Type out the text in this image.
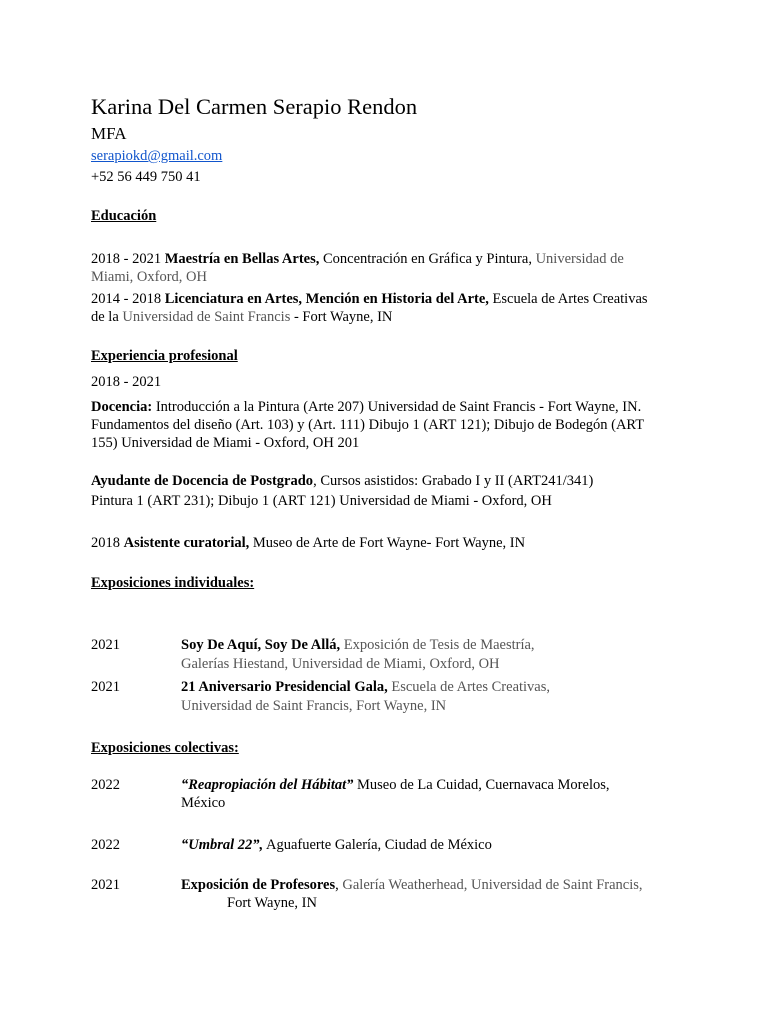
Karina Del Carmen Serapio Rendon
MFA
serapiokd@gmail.com
+52 56 449 750 41
Educación
2018 - 2021 Maestría en Bellas Artes, Concentración en Gráfica y Pintura, Universidad de
Miami, Oxford, OH
2014 - 2018 Licenciatura en Artes, Mención en Historia del Arte, Escuela de Artes Creativas
de la Universidad de Saint Francis - Fort Wayne, IN
Experiencia profesional
2018 - 2021
Docencia: Introducción a la Pintura (Arte 207) Universidad de Saint Francis - Fort Wayne, IN.
Fundamentos del diseño (Art. 103) y (Art. 111) Dibujo 1 (ART 121); Dibujo de Bodegón (ART
155) Universidad de Miami - Oxford, OH 201
Ayudante de Docencia de Postgrado, Cursos asistidos: Grabado I y II (ART241/341)
Pintura 1 (ART 231); Dibujo 1 (ART 121) Universidad de Miami - Oxford, OH
2018 Asistente curatorial, Museo de Arte de Fort Wayne- Fort Wayne, IN
Exposiciones individuales:
2021	Soy De Aquí, Soy De Allá, Exposición de Tesis de Maestría,
Galerías Hiestand, Universidad de Miami, Oxford, OH
2021	21 Aniversario Presidencial Gala, Escuela de Artes Creativas,
Universidad de Saint Francis, Fort Wayne, IN
Exposiciones colectivas:
2022	“Reapropiación del Hábitat” Museo de La Cuidad, Cuernavaca Morelos,
México
2022	“Umbral 22”, Aguafuerte Galería, Ciudad de México
2021	Exposición de Profesores, Galería Weatherhead, Universidad de Saint Francis,
Fort Wayne, IN
